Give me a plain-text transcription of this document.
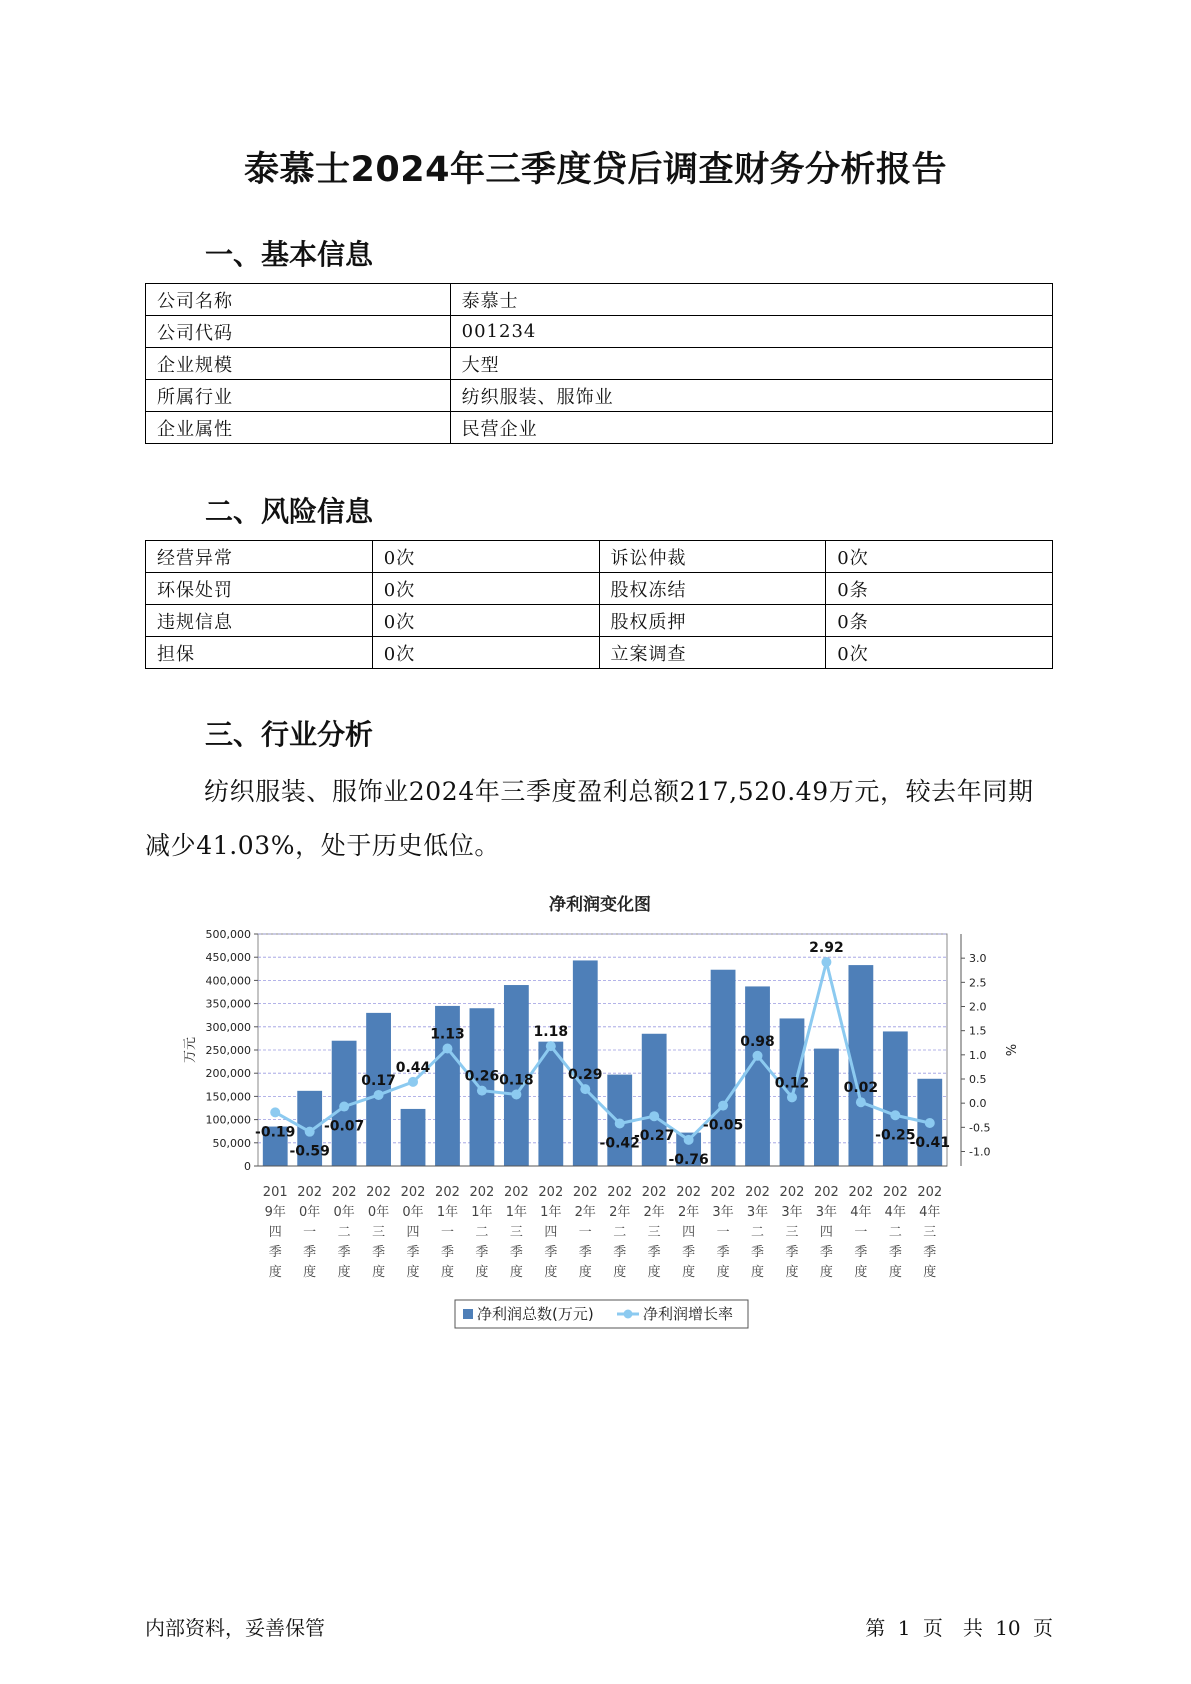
泰慕士2024年三季度贷后调查财务分析报告
一、基本信息
公司名称	泰慕士
公司代码	001234
企业规模	大型
所属行业	纺织服装、服饰业
企业属性	民营企业
二、风险信息
经营异常	0次	诉讼仲裁	0次
环保处罚	0次	股权冻结	0条
违规信息	0次	股权质押	0条
担保	0次	立案调查	0次
三、行业分析

纺织服装、服饰业2024年三季度盈利总额217,520.49万元，较去年同期减少41.03%，处于历史低位。

净利润变化图
0
50,000
100,000
150,000
200,000
250,000
300,000
350,000
400,000
450,000
500,000
-1.0
-0.5
0.0
0.5
1.0
1.5
2.0
2.5
3.0
万元	%
-0.19
-0.59
-0.07
0.17
0.44
1.13
0.26 0.18
1.18
0.29
-0.42
-0.27
-0.76
-0.05
0.98
0.12
2.92
0.02
-0.25
-0.41
201
9年
四
季
度
202
0年
一
季
度
202
0年
二
季
度
202
0年
三
季
度
202
0年
四
季
度
202
1年
一
季
度
202
1年
二
季
度
202
1年
三
季
度
202
1年
四
季
度
202
2年
一
季
度
202
2年
二
季
度
202
2年
三
季
度
202
2年
四
季
度
202
3年
一
季
度
202
3年
二
季
度
202
3年
三
季
度
202
3年
四
季
度
202
4年
一
季
度
202
4年
二
季
度
202
4年
三
季
度
净利润总数(万元)	净利润增长率
内部资料，妥善保管	第 1 页　共 10 页
